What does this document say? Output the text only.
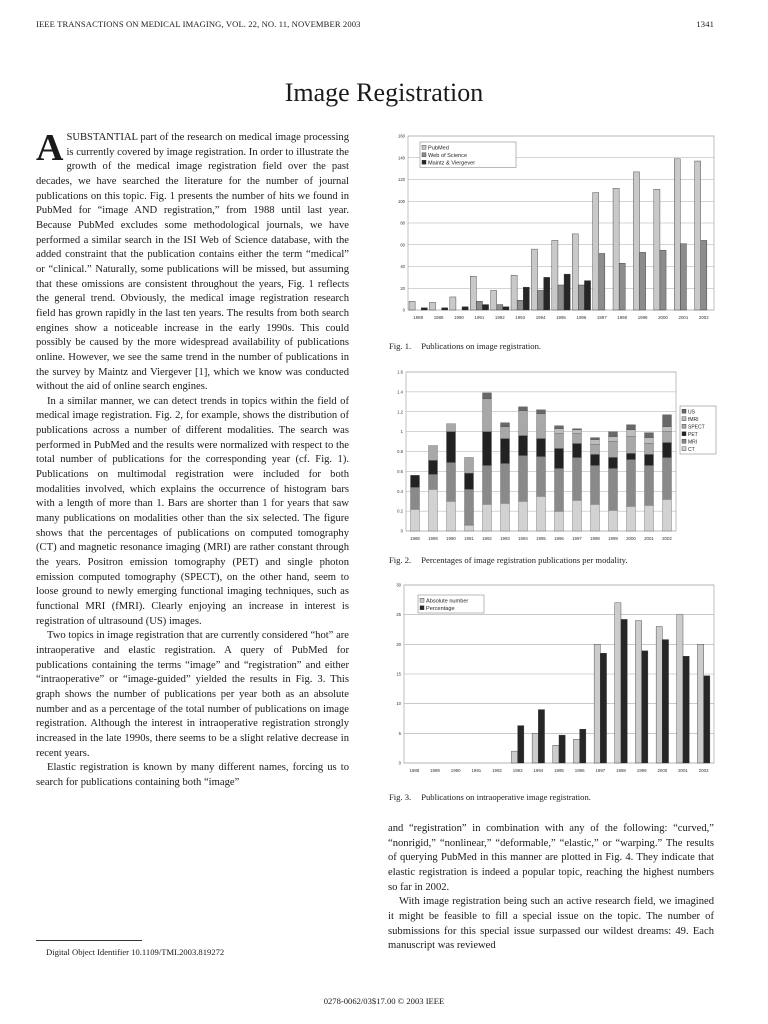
IEEE TRANSACTIONS ON MEDICAL IMAGING, VOL. 22, NO. 11, NOVEMBER 2003	1341
Image Registration

ASUBSTANTIAL part of the research on medical image processing is currently covered by image registration. In order to illustrate the growth of the medical image registration field over the past decades, we have searched the literature for the number of journal publications on this topic. Fig. 1 presents the number of hits we found in PubMed for “image AND registration,” from 1988 until last year. Because PubMed excludes some methodological journals, we have performed a similar search in the ISI Web of Science database, with the added constraint that the publication contains either the term “medical” or “clinical.” Naturally, some publications will be missed, but assuming that these omissions are consistent throughout the years, Fig. 1 reflects the general trend. Obviously, the medical image registration research field has grown rapidly in the last ten years. The results from both search engines show a noticeable increase in the early 1990s. This could possibly be caused by the more widespread availability of publications online. However, we see the same trend in the number of publications in the survey by Maintz and Viergever [1], which we know was conducted without the aid of online search engines.

In a similar manner, we can detect trends in topics within the field of medical image registration. Fig. 2, for example, shows the distribution of publications across a number of different modalities. The search was performed in PubMed and the results were normalized with respect to the total number of publications for the corresponding year (cf. Fig. 1). Publications on multimodal registration were included for both modalities involved, which explains the occurrence of histogram bars with a length of more than 1. Bars are shorter than 1 for years that saw many publications on modalities other than the six selected. The figure shows that the percentages of publications on computed tomography (CT) and magnetic resonance imaging (MRI) are rather constant through the years. Positron emission tomography (PET) and single photon emission computed tomography (SPECT), on the other hand, seem to loose ground to newly emerging functional imaging techniques, such as functional MRI (fMRI). Clearly enjoying an increase in interest is registration of ultrasound (US) images.

Two topics in image registration that are currently considered “hot” are intraoperative and elastic registration. A query of PubMed for publications containing the terms “image” and “registration” and either “intraoperative” or “image-guided” yielded the results in Fig. 3. This graph shows the number of publications per year both as an absolute number and as a percentage of the total number of publications on image registration. Although the interest in intraoperative registration strongly increased in the late 1990s, there seems to be a slight relative decrease in recent years.

Elastic registration is known by many different names, forcing us to search for publications containing both “image”

0
20
40
60
80
100
120
140
160
1988 1989 1990 1991 1992 1993 1994 1995 1996 1997 1998 1999 2000 2001 2002
PubMed
Web of Science
Maintz & Viergever
Fig. 1. Publications on image registration.
0
0.2
0.4
0.6
0.8
1
1.2
1.4
1.6
1988 1989 1990 1991 1992 1993 1994 1995 1996 1997 1998 1999 2000 2001 2002
US
fMRI
SPECT
PET
MRI
CT
Fig. 2. Percentages of image registration publications per modality.
0
5
10
15
20
25
30
1988 1989 1990 1991 1992 1993 1994 1995 1996 1997 1998 1999 2000 2001 2002
Absolute number
Percentage
Fig. 3. Publications on intraoperative image registration.

and “registration” in combination with any of the following: “curved,” “nonrigid,” “nonlinear,” “deformable,” “elastic,” or “warping.” The results of querying PubMed in this manner are plotted in Fig. 4. They indicate that elastic registration is indeed a popular topic, reaching the highest numbers so far in 2002.

With image registration being such an active research field, we imagined it might be feasible to fill a special issue on the topic. The number of submissions for this special issue surpassed our wildest dreams: 49. Each manuscript was reviewed

Digital Object Identifier 10.1109/TMI.2003.819272
0278-0062/03$17.00 © 2003 IEEE
